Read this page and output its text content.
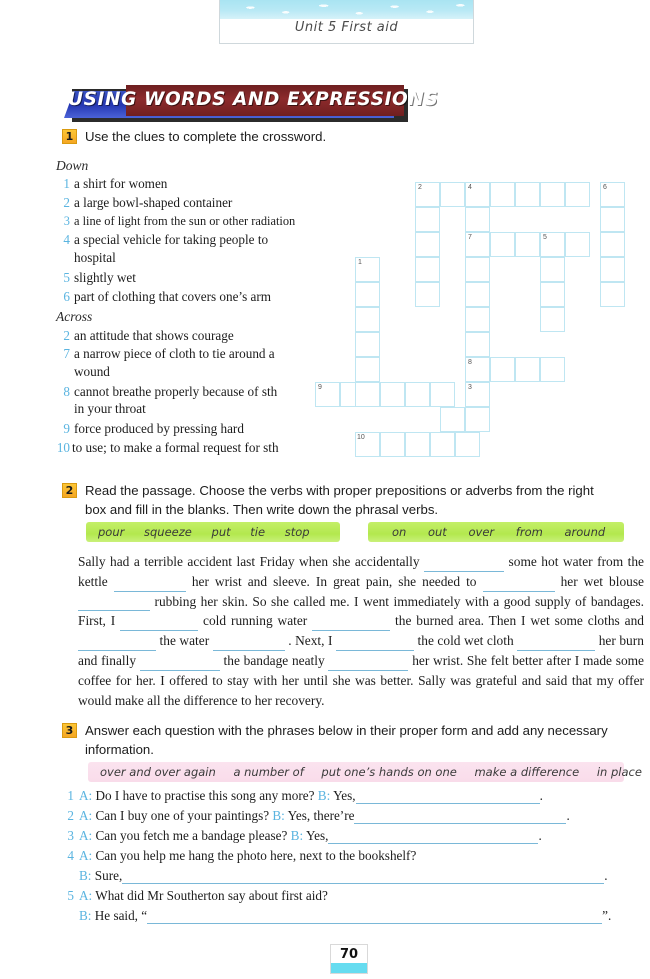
Unit 5 First aid
USING WORDS AND EXPRESSIONS
1 Use the clues to complete the crossword.
Down
1 a shirt for women
2 a large bowl-shaped container
3 a line of light from the sun or other radiation
4 a special vehicle for taking people to
hospital
5 slightly wet
6 part of clothing that covers one’s arm
Across
2 an attitude that shows courage
7 a narrow piece of cloth to tie around a
wound
8 cannot breathe properly because of sth
in your throat
9 force produced by pressing hard
10 to use; to make a formal request for sth
2	4	6
7	5
1
8
9	3
10
2 Read the passage. Choose the verbs with proper prepositions or adverbs from the right
box and fill in the blanks. Then write down the phrasal verbs.
pour squeeze put tie stop	on out over from around
Sally had a terrible accident last Friday when she accidentally	some hot water from the kettle	her wrist and sleeve. In great pain, she needed to	her wet blouse  rubbing her skin. So she called me. I went immediately with a good supply of bandages. First, I	cold running water	the burned area. Then I wet some cloths and  the water	. Next, I	the cold wet cloth	her burn and finally	the bandage neatly	her wrist. She felt better after I made some coffee for her. I offered to stay with her until she was better. Sally was grateful and said that my offer would make all the difference to her recovery.
3 Answer each question with the phrases below in their proper form and add any necessary
information.
over and over again a number of put one’s hands on one make a difference in place
1 A: Do I have to practise this song any more? B: Yes,	.
2 A: Can I buy one of your paintings? B: Yes, there’re	.
3 A: Can you fetch me a bandage please? B: Yes,	.
4 A: Can you help me hang the photo here, next to the bookshelf?
B: Sure,	.
5 A: What did Mr Southerton say about first aid?
B: He said, “	”.
70
